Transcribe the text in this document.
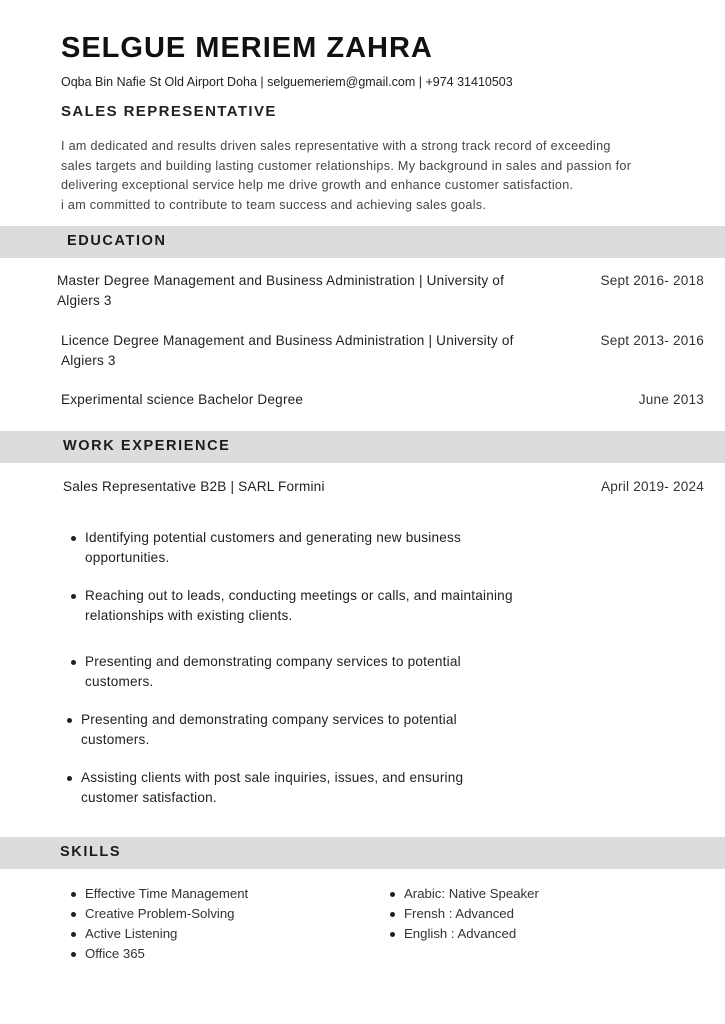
SELGUE MERIEM ZAHRA
Oqba Bin Nafie St Old Airport Doha | selguemeriem@gmail.com | +974 31410503
SALES REPRESENTATIVE
I am dedicated and results driven sales representative with a strong track record of exceeding
sales targets and building lasting customer relationships. My background in sales and passion for
delivering exceptional service help me drive growth and enhance customer satisfaction.
i am committed to contribute to team success and achieving sales goals.
EDUCATION
Master Degree Management and Business Administration | University of
Algiers 3
Sept 2016- 2018
Licence Degree Management and Business Administration | University of
Algiers 3
Sept 2013- 2016
Experimental science Bachelor Degree	June 2013
WORK EXPERIENCE
Sales Representative B2B | SARL Formini	April 2019- 2024
Identifying potential customers and generating new business
opportunities.
Reaching out to leads, conducting meetings or calls, and maintaining
relationships with existing clients.
Presenting and demonstrating company services to potential
customers.
Presenting and demonstrating company services to potential
customers.
Assisting clients with post sale inquiries, issues, and ensuring
customer satisfaction.
SKILLS
Effective Time Management
Creative Problem-Solving
Active Listening
Office 365
Arabic: Native Speaker
Frensh : Advanced
English : Advanced
